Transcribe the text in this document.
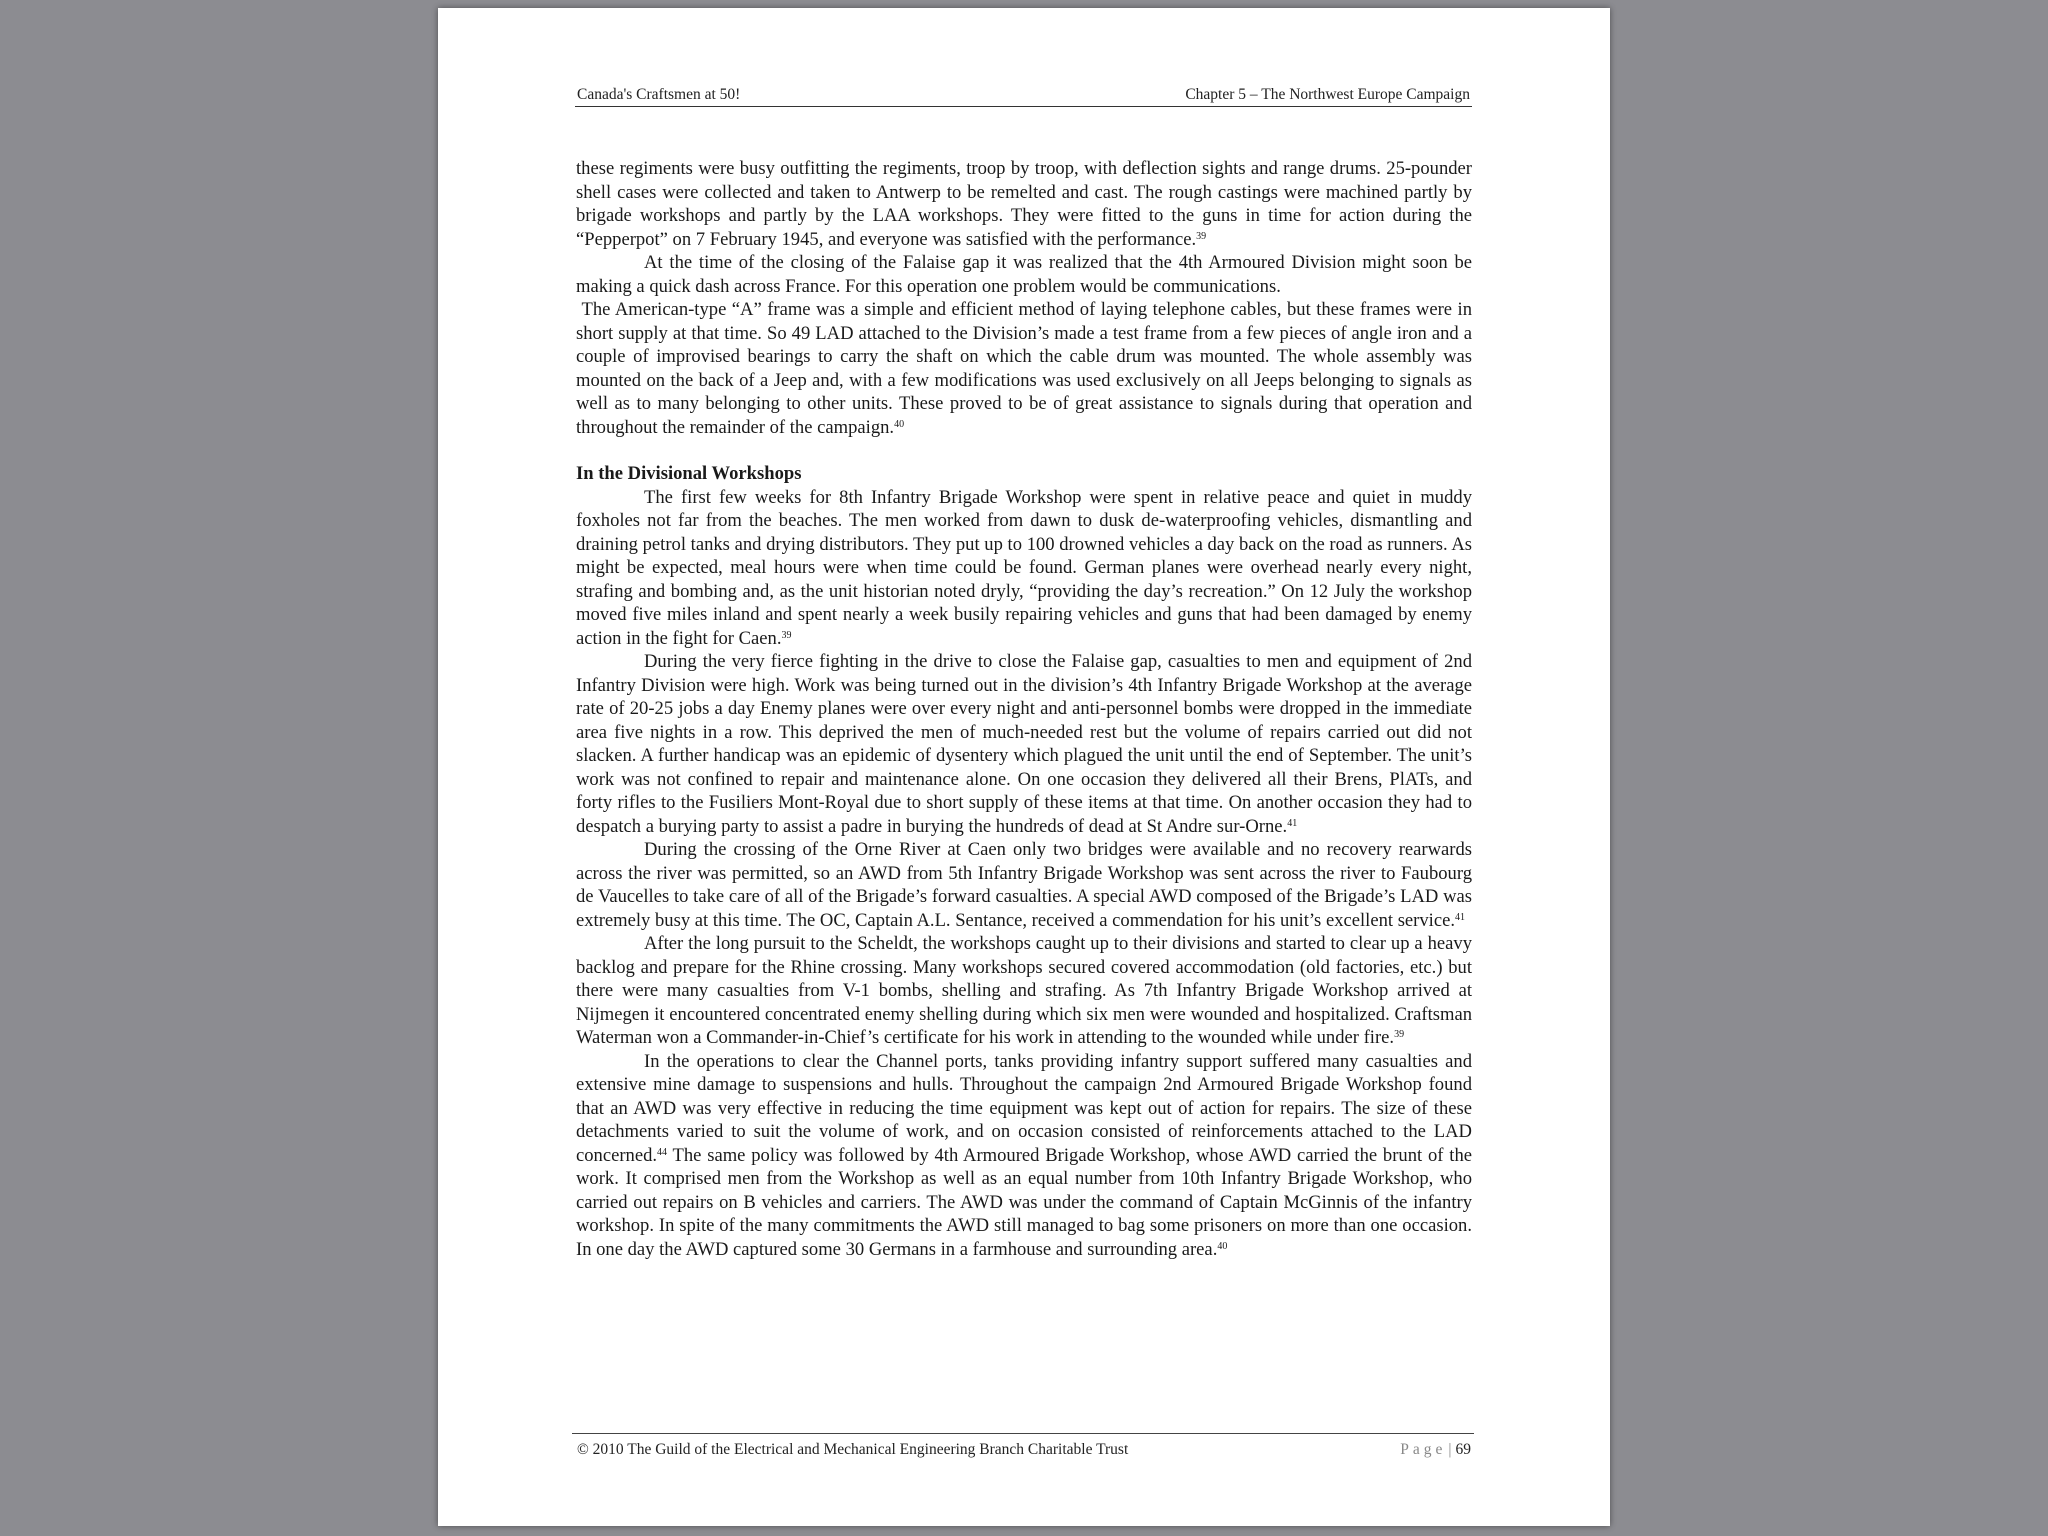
Canada's Craftsmen at 50!	Chapter 5 – The Northwest Europe Campaign

these regiments were busy outfitting the regiments, troop by troop, with deflection sights and range drums. 25-pounder shell cases were collected and taken to Antwerp to be remelted and cast. The rough castings were machined partly by brigade workshops and partly by the LAA workshops. They were fitted to the guns in time for action during the “Pepperpot” on 7 February 1945, and everyone was satisfied with the performance.$^{39}$

At the time of the closing of the Falaise gap it was realized that the 4th Armoured Division might soon be making a quick dash across France. For this operation one problem would be communications.

The American-type “A” frame was a simple and efficient method of laying telephone cables, but these frames were in short supply at that time. So 49 LAD attached to the Division’s made a test frame from a few pieces of angle iron and a couple of improvised bearings to carry the shaft on which the cable drum was mounted. The whole assembly was mounted on the back of a Jeep and, with a few modifications was used exclusively on all Jeeps belonging to signals as well as to many belonging to other units. These proved to be of great assistance to signals during that operation and throughout the remainder of the campaign.$^{40}$

In the Divisional Workshops

The first few weeks for 8th Infantry Brigade Workshop were spent in relative peace and quiet in muddy foxholes not far from the beaches. The men worked from dawn to dusk de-waterproofing vehicles, dismantling and draining petrol tanks and drying distributors. They put up to 100 drowned vehicles a day back on the road as runners. As might be expected, meal hours were when time could be found. German planes were overhead nearly every night, strafing and bombing and, as the unit historian noted dryly, “providing the day’s recreation.” On 12 July the workshop moved five miles inland and spent nearly a week busily repairing vehicles and guns that had been damaged by enemy action in the fight for Caen.$^{39}$

During the very fierce fighting in the drive to close the Falaise gap, casualties to men and equipment of 2nd Infantry Division were high. Work was being turned out in the division’s 4th Infantry Brigade Workshop at the average rate of 20-25 jobs a day Enemy planes were over every night and anti-personnel bombs were dropped in the immediate area five nights in a row. This deprived the men of much-needed rest but the volume of repairs carried out did not slacken. A further handicap was an epidemic of dysentery which plagued the unit until the end of September. The unit’s work was not confined to repair and maintenance alone. On one occasion they delivered all their Brens, PlATs, and forty rifles to the Fusiliers Mont-Royal due to short supply of these items at that time. On another occasion they had to despatch a burying party to assist a padre in burying the hundreds of dead at St Andre sur-Orne.$^{41}$

During the crossing of the Orne River at Caen only two bridges were available and no recovery rearwards across the river was permitted, so an AWD from 5th Infantry Brigade Workshop was sent across the river to Faubourg de Vaucelles to take care of all of the Brigade’s forward casualties. A special AWD composed of the Brigade’s LAD was extremely busy at this time. The OC, Captain A.L. Sentance, received a commendation for his unit’s excellent service.$^{41}$

After the long pursuit to the Scheldt, the workshops caught up to their divisions and started to clear up a heavy backlog and prepare for the Rhine crossing. Many workshops secured covered accommodation (old factories, etc.) but there were many casualties from V-1 bombs, shelling and strafing. As 7th Infantry Brigade Workshop arrived at Nijmegen it encountered concentrated enemy shelling during which six men were wounded and hospitalized. Craftsman Waterman won a Commander-in-Chief’s certificate for his work in attending to the wounded while under fire.$^{39}$

In the operations to clear the Channel ports, tanks providing infantry support suffered many casualties and extensive mine damage to suspensions and hulls. Throughout the campaign 2nd Armoured Brigade Workshop found that an AWD was very effective in reducing the time equipment was kept out of action for repairs. The size of these detachments varied to suit the volume of work, and on occasion consisted of reinforcements attached to the LAD concerned.$^{44}$ The same policy was followed by 4th Armoured Brigade Workshop, whose AWD carried the brunt of the work. It comprised men from the Workshop as well as an equal number from 10th Infantry Brigade Workshop, who carried out repairs on B vehicles and carriers. The AWD was under the command of Captain McGinnis of the infantry workshop. In spite of the many commitments the AWD still managed to bag some prisoners on more than one occasion. In one day the AWD captured some 30 Germans in a farmhouse and surrounding area.$^{40}$

© 2010 The Guild of the Electrical and Mechanical Engineering Branch Charitable Trust	Page | 69
